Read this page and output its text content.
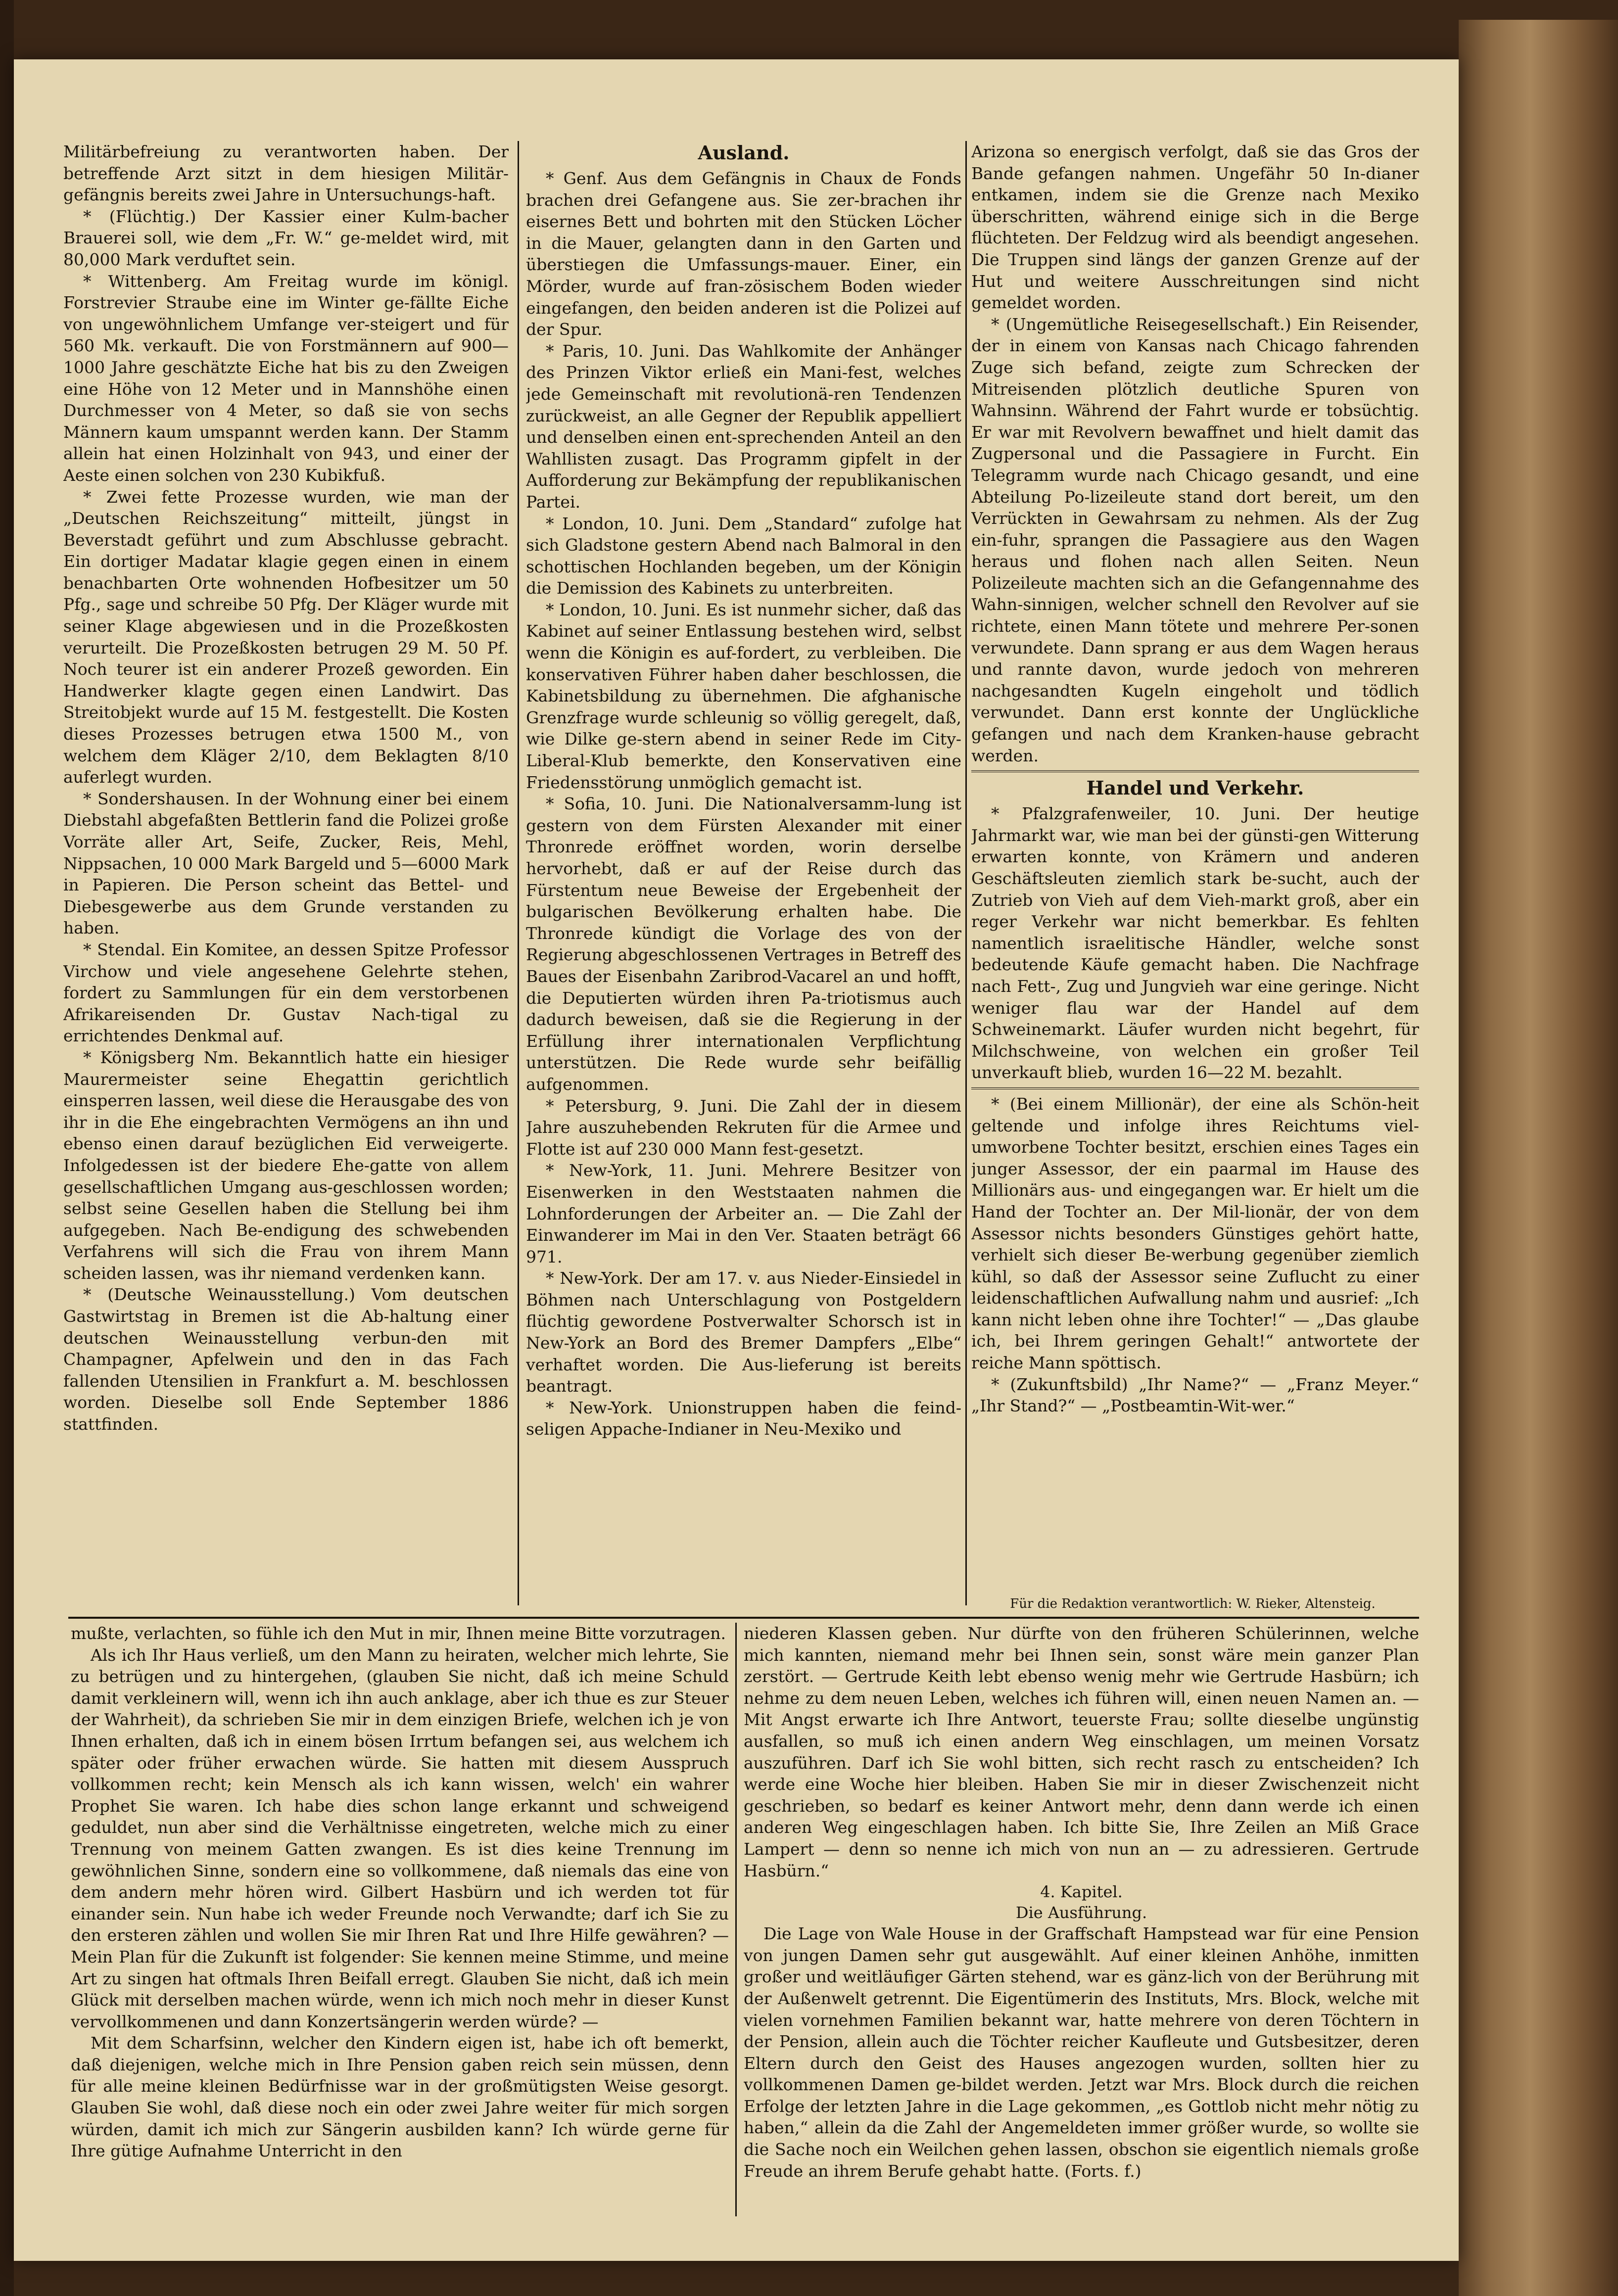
Militärbefreiung zu verantworten haben. Der betreffende Arzt sitzt in dem hiesigen Militär-gefängnis bereits zwei Jahre in Untersuchungs-haft.

* (Flüchtig.) Der Kassier einer Kulm-bacher Brauerei soll, wie dem „Fr. W.“ ge-meldet wird, mit 80,000 Mark verduftet sein.

* Wittenberg. Am Freitag wurde im königl. Forstrevier Straube eine im Winter ge-fällte Eiche von ungewöhnlichem Umfange ver-steigert und für 560 Mk. verkauft. Die von Forstmännern auf 900—1000 Jahre geschätzte Eiche hat bis zu den Zweigen eine Höhe von 12 Meter und in Mannshöhe einen Durchmesser von 4 Meter, so daß sie von sechs Männern kaum umspannt werden kann. Der Stamm allein hat einen Holzinhalt von 943, und einer der Aeste einen solchen von 230 Kubikfuß.

* Zwei fette Prozesse wurden, wie man der „Deutschen Reichszeitung“ mitteilt, jüngst in Beverstadt geführt und zum Abschlusse gebracht. Ein dortiger Madatar klagie gegen einen in einem benachbarten Orte wohnenden Hofbesitzer um 50 Pfg., sage und schreibe 50 Pfg. Der Kläger wurde mit seiner Klage abgewiesen und in die Prozeßkosten verurteilt. Die Prozeßkosten betrugen 29 M. 50 Pf. Noch teurer ist ein anderer Prozeß geworden. Ein Handwerker klagte gegen einen Landwirt. Das Streitobjekt wurde auf 15 M. festgestellt. Die Kosten dieses Prozesses betrugen etwa 1500 M., von welchem dem Kläger 2/10, dem Beklagten 8/10 auferlegt wurden.

* Sondershausen. In der Wohnung einer bei einem Diebstahl abgefaßten Bettlerin fand die Polizei große Vorräte aller Art, Seife, Zucker, Reis, Mehl, Nippsachen, 10 000 Mark Bargeld und 5—6000 Mark in Papieren. Die Person scheint das Bettel- und Diebesgewerbe aus dem Grunde verstanden zu haben.

* Stendal. Ein Komitee, an dessen Spitze Professor Virchow und viele angesehene Gelehrte stehen, fordert zu Sammlungen für ein dem verstorbenen Afrikareisenden Dr. Gustav Nach-tigal zu errichtendes Denkmal auf.

* Königsberg Nm. Bekanntlich hatte ein hiesiger Maurermeister seine Ehegattin gerichtlich einsperren lassen, weil diese die Herausgabe des von ihr in die Ehe eingebrachten Vermögens an ihn und ebenso einen darauf bezüglichen Eid verweigerte. Infolgedessen ist der biedere Ehe-gatte von allem gesellschaftlichen Umgang aus-geschlossen worden; selbst seine Gesellen haben die Stellung bei ihm aufgegeben. Nach Be-endigung des schwebenden Verfahrens will sich die Frau von ihrem Mann scheiden lassen, was ihr niemand verdenken kann.

* (Deutsche Weinausstellung.) Vom deutschen Gastwirtstag in Bremen ist die Ab-haltung einer deutschen Weinausstellung verbun-den mit Champagner, Apfelwein und den in das Fach fallenden Utensilien in Frankfurt a. M. beschlossen worden. Dieselbe soll Ende September 1886 stattfinden.

Ausland.

* Genf. Aus dem Gefängnis in Chaux de Fonds brachen drei Gefangene aus. Sie zer-brachen ihr eisernes Bett und bohrten mit den Stücken Löcher in die Mauer, gelangten dann in den Garten und überstiegen die Umfassungs-mauer. Einer, ein Mörder, wurde auf fran-zösischem Boden wieder eingefangen, den beiden anderen ist die Polizei auf der Spur.

* Paris, 10. Juni. Das Wahlkomite der Anhänger des Prinzen Viktor erließ ein Mani-fest, welches jede Gemeinschaft mit revolutionä-ren Tendenzen zurückweist, an alle Gegner der Republik appelliert und denselben einen ent-sprechenden Anteil an den Wahllisten zusagt. Das Programm gipfelt in der Aufforderung zur Bekämpfung der republikanischen Partei.

* London, 10. Juni. Dem „Standard“ zufolge hat sich Gladstone gestern Abend nach Balmoral in den schottischen Hochlanden begeben, um der Königin die Demission des Kabinets zu unterbreiten.

* London, 10. Juni. Es ist nunmehr sicher, daß das Kabinet auf seiner Entlassung bestehen wird, selbst wenn die Königin es auf-fordert, zu verbleiben. Die konservativen Führer haben daher beschlossen, die Kabinetsbildung zu übernehmen. Die afghanische Grenzfrage wurde schleunig so völlig geregelt, daß, wie Dilke ge-stern abend in seiner Rede im City-Liberal-Klub bemerkte, den Konservativen eine Friedensstörung unmöglich gemacht ist.

* Sofia, 10. Juni. Die Nationalversamm-lung ist gestern von dem Fürsten Alexander mit einer Thronrede eröffnet worden, worin derselbe hervorhebt, daß er auf der Reise durch das Fürstentum neue Beweise der Ergebenheit der bulgarischen Bevölkerung erhalten habe. Die Thronrede kündigt die Vorlage des von der Regierung abgeschlossenen Vertrages in Betreff des Baues der Eisenbahn Zaribrod-Vacarel an und hofft, die Deputierten würden ihren Pa-triotismus auch dadurch beweisen, daß sie die Regierung in der Erfüllung ihrer internationalen Verpflichtung unterstützen. Die Rede wurde sehr beifällig aufgenommen.

* Petersburg, 9. Juni. Die Zahl der in diesem Jahre auszuhebenden Rekruten für die Armee und Flotte ist auf 230 000 Mann fest-gesetzt.

* New-York, 11. Juni. Mehrere Besitzer von Eisenwerken in den Weststaaten nahmen die Lohnforderungen der Arbeiter an. — Die Zahl der Einwanderer im Mai in den Ver. Staaten beträgt 66 971.

* New-York. Der am 17. v. aus Nieder-Einsiedel in Böhmen nach Unterschlagung von Postgeldern flüchtig gewordene Postverwalter Schorsch ist in New-York an Bord des Bremer Dampfers „Elbe“ verhaftet worden. Die Aus-lieferung ist bereits beantragt.

* New-York. Unionstruppen haben die feind-seligen Appache-Indianer in Neu-Mexiko und

Arizona so energisch verfolgt, daß sie das Gros der Bande gefangen nahmen. Ungefähr 50 In-dianer entkamen, indem sie die Grenze nach Mexiko überschritten, während einige sich in die Berge flüchteten. Der Feldzug wird als beendigt angesehen. Die Truppen sind längs der ganzen Grenze auf der Hut und weitere Ausschreitungen sind nicht gemeldet worden.

* (Ungemütliche Reisegesellschaft.) Ein Reisender, der in einem von Kansas nach Chicago fahrenden Zuge sich befand, zeigte zum Schrecken der Mitreisenden plötzlich deutliche Spuren von Wahnsinn. Während der Fahrt wurde er tobsüchtig. Er war mit Revolvern bewaffnet und hielt damit das Zugpersonal und die Passagiere in Furcht. Ein Telegramm wurde nach Chicago gesandt, und eine Abteilung Po-lizeileute stand dort bereit, um den Verrückten in Gewahrsam zu nehmen. Als der Zug ein-fuhr, sprangen die Passagiere aus den Wagen heraus und flohen nach allen Seiten. Neun Polizeileute machten sich an die Gefangennahme des Wahn-sinnigen, welcher schnell den Revolver auf sie richtete, einen Mann tötete und mehrere Per-sonen verwundete. Dann sprang er aus dem Wagen heraus und rannte davon, wurde jedoch von mehreren nachgesandten Kugeln eingeholt und tödlich verwundet. Dann erst konnte der Unglückliche gefangen und nach dem Kranken-hause gebracht werden.

Handel und Verkehr.

* Pfalzgrafenweiler, 10. Juni. Der heutige Jahrmarkt war, wie man bei der günsti-gen Witterung erwarten konnte, von Krämern und anderen Geschäftsleuten ziemlich stark be-sucht, auch der Zutrieb von Vieh auf dem Vieh-markt groß, aber ein reger Verkehr war nicht bemerkbar. Es fehlten namentlich israelitische Händler, welche sonst bedeutende Käufe gemacht haben. Die Nachfrage nach Fett-, Zug und Jungvieh war eine geringe. Nicht weniger flau war der Handel auf dem Schweinemarkt. Läufer wurden nicht begehrt, für Milchschweine, von welchen ein großer Teil unverkauft blieb, wurden 16—22 M. bezahlt.

* (Bei einem Millionär), der eine als Schön-heit geltende und infolge ihres Reichtums viel-umworbene Tochter besitzt, erschien eines Tages ein junger Assessor, der ein paarmal im Hause des Millionärs aus- und eingegangen war. Er hielt um die Hand der Tochter an. Der Mil-lionär, der von dem Assessor nichts besonders Günstiges gehört hatte, verhielt sich dieser Be-werbung gegenüber ziemlich kühl, so daß der Assessor seine Zuflucht zu einer leidenschaftlichen Aufwallung nahm und ausrief: „Ich kann nicht leben ohne ihre Tochter!“ — „Das glaube ich, bei Ihrem geringen Gehalt!“ antwortete der reiche Mann spöttisch.

* (Zukunftsbild) „Ihr Name?“ — „Franz Meyer.“ „Ihr Stand?“ — „Postbeamtin-Wit-wer.“

Für die Redaktion verantwortlich: W. Rieker, Altensteig.

mußte, verlachten, so fühle ich den Mut in mir, Ihnen meine Bitte vorzutragen.

Als ich Ihr Haus verließ, um den Mann zu heiraten, welcher mich lehrte, Sie zu betrügen und zu hintergehen, (glauben Sie nicht, daß ich meine Schuld damit verkleinern will, wenn ich ihn auch anklage, aber ich thue es zur Steuer der Wahrheit), da schrieben Sie mir in dem einzigen Briefe, welchen ich je von Ihnen erhalten, daß ich in einem bösen Irrtum befangen sei, aus welchem ich später oder früher erwachen würde. Sie hatten mit diesem Ausspruch vollkommen recht; kein Mensch als ich kann wissen, welch' ein wahrer Prophet Sie waren. Ich habe dies schon lange erkannt und schweigend geduldet, nun aber sind die Verhältnisse eingetreten, welche mich zu einer Trennung von meinem Gatten zwangen. Es ist dies keine Trennung im gewöhnlichen Sinne, sondern eine so vollkommene, daß niemals das eine von dem andern mehr hören wird. Gilbert Hasbürn und ich werden tot für einander sein. Nun habe ich weder Freunde noch Verwandte; darf ich Sie zu den ersteren zählen und wollen Sie mir Ihren Rat und Ihre Hilfe gewähren? — Mein Plan für die Zukunft ist folgender: Sie kennen meine Stimme, und meine Art zu singen hat oftmals Ihren Beifall erregt. Glauben Sie nicht, daß ich mein Glück mit derselben machen würde, wenn ich mich noch mehr in dieser Kunst vervollkommenen und dann Konzertsängerin werden würde? —

Mit dem Scharfsinn, welcher den Kindern eigen ist, habe ich oft bemerkt, daß diejenigen, welche mich in Ihre Pension gaben reich sein müssen, denn für alle meine kleinen Bedürfnisse war in der großmütigsten Weise gesorgt. Glauben Sie wohl, daß diese noch ein oder zwei Jahre weiter für mich sorgen würden, damit ich mich zur Sängerin ausbilden kann? Ich würde gerne für Ihre gütige Aufnahme Unterricht in den

niederen Klassen geben. Nur dürfte von den früheren Schülerinnen, welche mich kannten, niemand mehr bei Ihnen sein, sonst wäre mein ganzer Plan zerstört. — Gertrude Keith lebt ebenso wenig mehr wie Gertrude Hasbürn; ich nehme zu dem neuen Leben, welches ich führen will, einen neuen Namen an. — Mit Angst erwarte ich Ihre Antwort, teuerste Frau; sollte dieselbe ungünstig ausfallen, so muß ich einen andern Weg einschlagen, um meinen Vorsatz auszuführen. Darf ich Sie wohl bitten, sich recht rasch zu entscheiden? Ich werde eine Woche hier bleiben. Haben Sie mir in dieser Zwischenzeit nicht geschrieben, so bedarf es keiner Antwort mehr, denn dann werde ich einen anderen Weg eingeschlagen haben. Ich bitte Sie, Ihre Zeilen an Miß Grace Lampert — denn so nenne ich mich von nun an — zu adressieren. Gertrude Hasbürn.“

4. Kapitel.
Die Ausführung.

Die Lage von Wale House in der Graffschaft Hampstead war für eine Pension von jungen Damen sehr gut ausgewählt. Auf einer kleinen Anhöhe, inmitten großer und weitläufiger Gärten stehend, war es gänz-lich von der Berührung mit der Außenwelt getrennt. Die Eigentümerin des Instituts, Mrs. Block, welche mit vielen vornehmen Familien bekannt war, hatte mehrere von deren Töchtern in der Pension, allein auch die Töchter reicher Kaufleute und Gutsbesitzer, deren Eltern durch den Geist des Hauses angezogen wurden, sollten hier zu vollkommenen Damen ge-bildet werden. Jetzt war Mrs. Block durch die reichen Erfolge der letzten Jahre in die Lage gekommen, „es Gottlob nicht mehr nötig zu haben,“ allein da die Zahl der Angemeldeten immer größer wurde, so wollte sie die Sache noch ein Weilchen gehen lassen, obschon sie eigentlich niemals große Freude an ihrem Berufe gehabt hatte. (Forts. f.)
